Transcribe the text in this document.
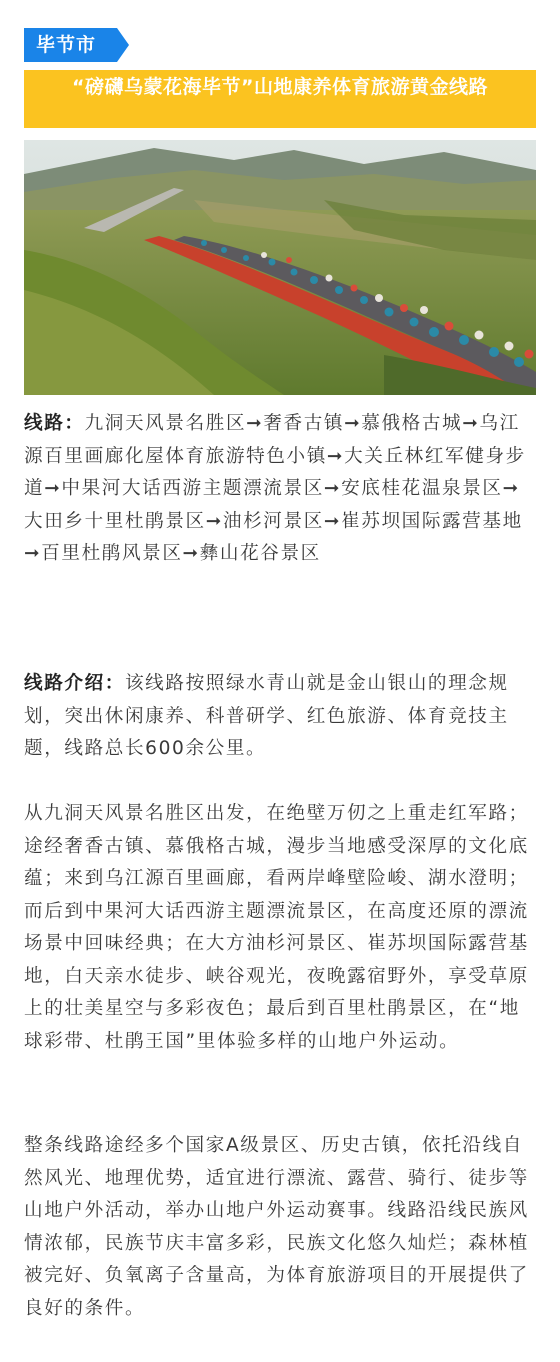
毕节市
“磅礴乌蒙花海毕节”山地康养体育旅游黄金线路

线路：九洞天风景名胜区➞奢香古镇➞慕俄格古城➞乌江源百里画廊化屋体育旅游特色小镇➞大关丘林红军健身步道➞中果河大话西游主题漂流景区➞安底桂花温泉景区➞大田乡十里杜鹃景区➞油杉河景区➞崔苏坝国际露营基地➞百里杜鹃风景区➞彝山花谷景区

线路介绍：该线路按照绿水青山就是金山银山的理念规划，突出休闲康养、科普研学、红色旅游、体育竞技主题，线路总长600余公里。

从九洞天风景名胜区出发，在绝壁万仞之上重走红军路；途经奢香古镇、慕俄格古城，漫步当地感受深厚的文化底蕴；来到乌江源百里画廊，看两岸峰壁险峻、湖水澄明；而后到中果河大话西游主题漂流景区，在高度还原的漂流场景中回味经典；在大方油杉河景区、崔苏坝国际露营基地，白天亲水徒步、峡谷观光，夜晚露宿野外，享受草原上的壮美星空与多彩夜色；最后到百里杜鹃景区，在“地球彩带、杜鹃王国”里体验多样的山地户外运动。

整条线路途经多个国家A级景区、历史古镇，依托沿线自然风光、地理优势，适宜进行漂流、露营、骑行、徒步等山地户外活动，举办山地户外运动赛事。线路沿线民族风情浓郁，民族节庆丰富多彩，民族文化悠久灿烂；森林植被完好、负氧离子含量高，为体育旅游项目的开展提供了良好的条件。
